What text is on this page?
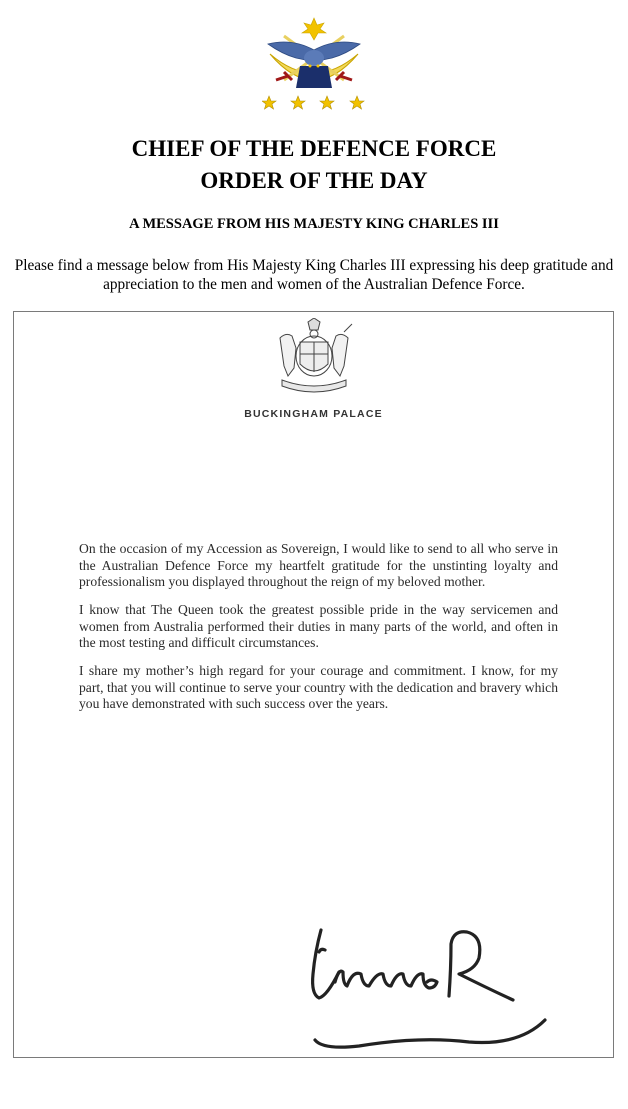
CHIEF OF THE DEFENCE FORCE
ORDER OF THE DAY
A MESSAGE FROM HIS MAJESTY KING CHARLES III
Please find a message below from His Majesty King Charles III expressing his deep gratitude and appreciation to the men and women of the Australian Defence Force.
BUCKINGHAM PALACE

On the occasion of my Accession as Sovereign, I would like to send to all who serve in the Australian Defence Force my heartfelt gratitude for the unstinting loyalty and professionalism you displayed throughout the reign of my beloved mother.

I know that The Queen took the greatest possible pride in the way servicemen and women from Australia performed their duties in many parts of the world, and often in the most testing and difficult circumstances.

I share my mother’s high regard for your courage and commitment. I know, for my part, that you will continue to serve your country with the dedication and bravery which you have demonstrated with such success over the years.
